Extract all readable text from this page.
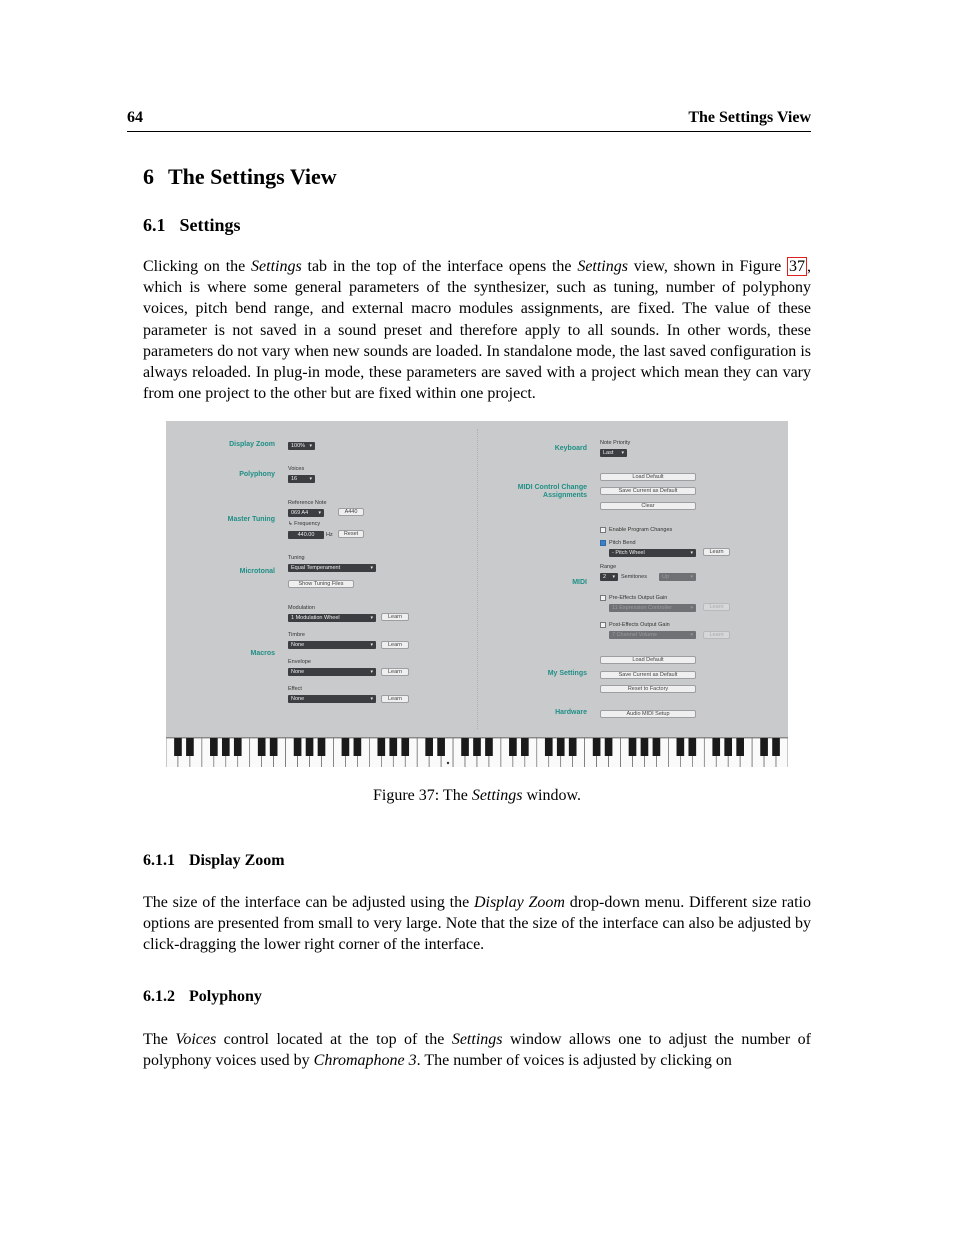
64	The Settings View
6 The Settings View
6.1 Settings
Clicking on the Settings tab in the top of the interface opens the Settings view, shown in Figure 37 , which is where some general parameters of the synthesizer, such as tuning, number of polyphony voices, pitch bend range, and external macro modules assignments, are fixed. The value of these parameter is not saved in a sound preset and therefore apply to all sounds. In other words, these parameters do not vary when new sounds are loaded. In standalone mode, the last saved configuration is always reloaded. In plug-in mode, these parameters are saved with a project which mean they can vary from one project to the other but are fixed within one project.
Display Zoom	100% ▾
Polyphony
Voices
16 ▾
Reference Note
069 A4 ▾	A440
Master Tuning
↳ Frequency
440.00	Hz	Reset
Tuning
Equal Temperament	▾
Microtonal
Show Tuning Files
Modulation
1 Modulation Wheel	▾	Learn
Timbre
None	▾	Learn
Macros
Envelope
None	▾	Learn
Effect
None	▾	Learn
Note Priority
Keyboard
Last ▾
Load Default
MIDI Control Change
Assignments
Save Current as Default
Clear
Enable Program Changes
Pitch Bend
- Pitch Wheel	▾	Learn
Range
2 ▾ Semitones
MIDI
Up	▾
Pre-Effects Output Gain
11 Expression Controller	▾	Learn
Post-Effects Output Gain
7 Channel Volume	▾	Learn
Load Default
My Settings	Save Current as Default
Reset to Factory
Hardware	Audio MIDI Setup
Figure 37: The Settings window.
6.1.1 Display Zoom
The size of the interface can be adjusted using the Display Zoom drop-down menu. Different size ratio options are presented from small to very large. Note that the size of the interface can also be adjusted by click-dragging the lower right corner of the interface.
6.1.2 Polyphony
The Voices control located at the top of the Settings window allows one to adjust the number of polyphony voices used by Chromaphone 3. The number of voices is adjusted by clicking on
